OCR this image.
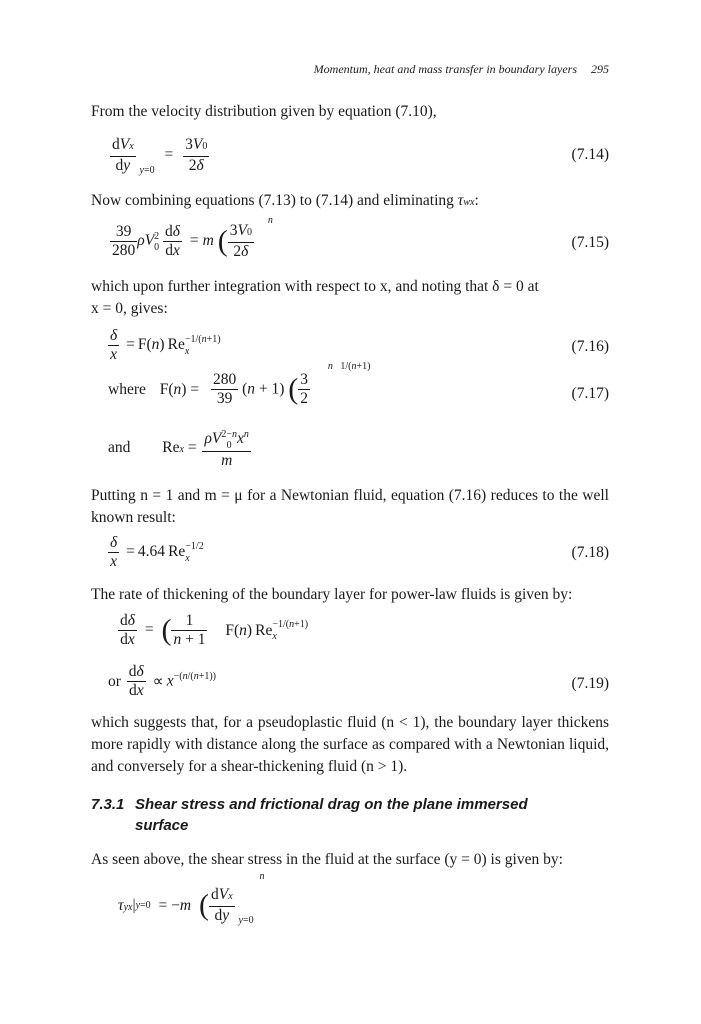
Momentum, heat and mass transfer in boundary layers 295
From the velocity distribution given by equation (7.10),
$\frac{\text{dVx}}{dy} _{y=0} = \frac{3V0}{2\delta}$	(7.14)
Now combining equations (7.13) to (7.14) and eliminating τwx:
$\frac{39}{280} \rho V2$
$0 \frac{d\delta}{dx} = m$ ( $\frac{3V0}{2\delta}$
$^n$
(7.15)
which upon further integration with respect to x, and noting that δ = 0 at
x = 0, gives:
$\frac{\delta}{x} = F(n)$ Re−1/(n+1)
x	(7.16)
where $F(n) = \frac{280}{39} (n + 1)$ ( $\frac{3}{2}$
$^{n 1/(n+1)}$
(7.17)
and Rex =
ρV2−n
0 $x^n$
m
Putting n = 1 and m = μ for a Newtonian fluid, equation (7.16) reduces to the well known result:
$\frac{\delta}{x} = 4.64$ Re−1/2
x	(7.18)
The rate of thickening of the boundary layer for power-law fluids is given by:
$\frac{d\delta}{dx}$ = ( $\frac{1}{n + 1} F(n)$ Re−1/(n+1)
x
or $\frac{d\delta}{dx} \propto x^{-(n/(n+1))}$	(7.19)
which suggests that, for a pseudoplastic fluid (n < 1), the boundary layer thickens more rapidly with distance along the surface as compared with a Newtonian liquid, and conversely for a shear-thickening fluid (n > 1).
7.3.1 Shear stress and frictional drag on the plane immersed
surface
As seen above, the shear stress in the fluid at the surface (y = 0) is given by:
τyx|y=0 = −m ( $\frac{\text{dVx}}{dy} _{y=0}$ $^n$
